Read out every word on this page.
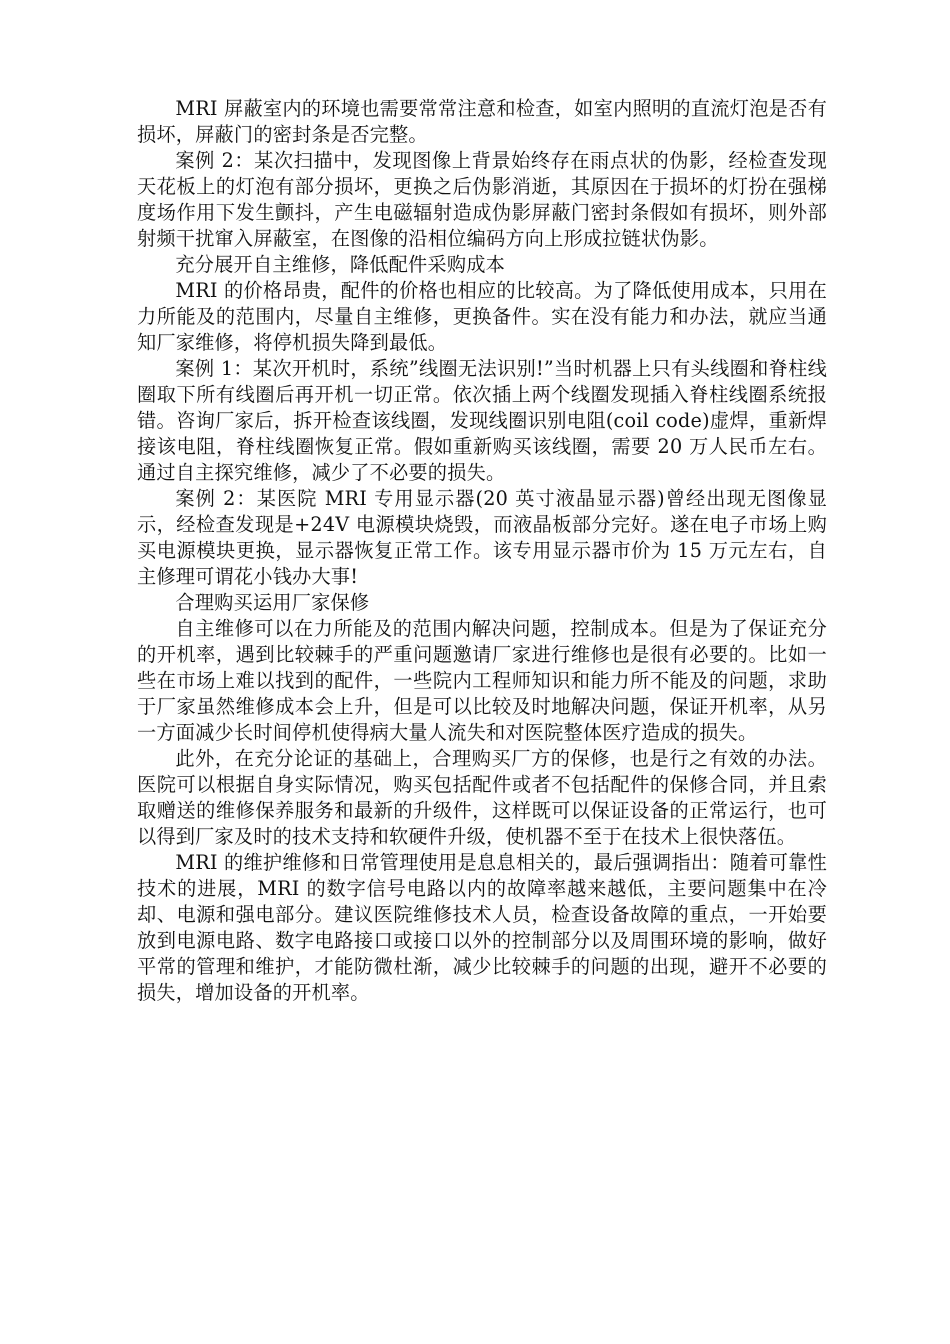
MRI 屏蔽室内的环境也需要常常注意和检查，如室内照明的直流灯泡是否有损坏，屏蔽门的密封条是否完整。

案例 2：某次扫描中，发现图像上背景始终存在雨点状的伪影，经检查发现天花板上的灯泡有部分损坏，更换之后伪影消逝，其原因在于损坏的灯扮在强梯度场作用下发生颤抖，产生电磁辐射造成伪影屏蔽门密封条假如有损坏，则外部射频干扰窜入屏蔽室，在图像的沿相位编码方向上形成拉链状伪影。

充分展开自主维修，降低配件采购成本

MRI 的价格昂贵，配件的价格也相应的比较高。为了降低使用成本，只用在力所能及的范围内，尽量自主维修，更换备件。实在没有能力和办法，就应当通知厂家维修，将停机损失降到最低。

案例 1：某次开机时，系统”线圈无法识别!”当时机器上只有头线圈和脊柱线圈取下所有线圈后再开机一切正常。依次插上两个线圈发现插入脊柱线圈系统报错。咨询厂家后，拆开检查该线圈，发现线圈识别电阻(coil code)虚焊，重新焊接该电阻，脊柱线圈恢复正常。假如重新购买该线圈，需要 20 万人民币左右。通过自主探究维修，减少了不必要的损失。

案例 2：某医院 MRI 专用显示器(20 英寸液晶显示器)曾经出现无图像显示，经检查发现是+24V 电源模块烧毁，而液晶板部分完好。遂在电子市场上购买电源模块更换，显示器恢复正常工作。该专用显示器市价为 15 万元左右，自主修理可谓花小钱办大事!

合理购买运用厂家保修

自主维修可以在力所能及的范围内解决问题，控制成本。但是为了保证充分的开机率，遇到比较棘手的严重问题邀请厂家进行维修也是很有必要的。比如一些在市场上难以找到的配件，一些院内工程师知识和能力所不能及的问题，求助于厂家虽然维修成本会上升，但是可以比较及时地解决问题，保证开机率，从另一方面减少长时间停机使得病大量人流失和对医院整体医疗造成的损失。

此外，在充分论证的基础上，合理购买厂方的保修，也是行之有效的办法。医院可以根据自身实际情况，购买包括配件或者不包括配件的保修合同，并且索取赠送的维修保养服务和最新的升级件，这样既可以保证设备的正常运行，也可以得到厂家及时的技术支持和软硬件升级，使机器不至于在技术上很快落伍。

MRI 的维护维修和日常管理使用是息息相关的，最后强调指出：随着可靠性技术的进展，MRI 的数字信号电路以内的故障率越来越低，主要问题集中在冷却、电源和强电部分。建议医院维修技术人员，检查设备故障的重点，一开始要放到电源电路、数字电路接口或接口以外的控制部分以及周围环境的影响，做好平常的管理和维护，才能防微杜渐，减少比较棘手的问题的出现，避开不必要的损失，增加设备的开机率。
